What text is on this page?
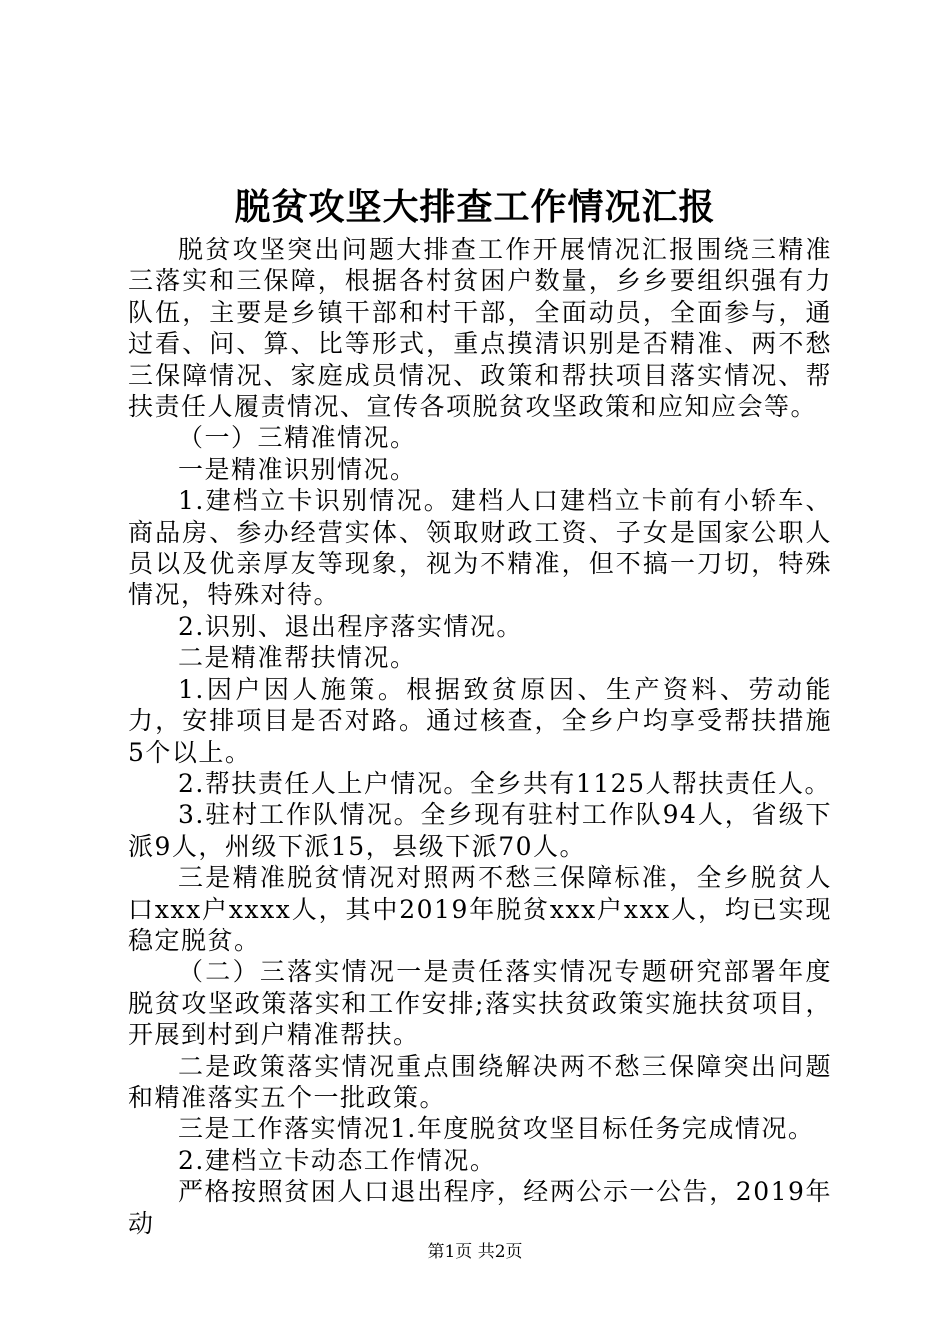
脱贫攻坚大排查工作情况汇报

脱贫攻坚突出问题大排查工作开展情况汇报围绕三精准三落实和三保障，根据各村贫困户数量，乡乡要组织强有力队伍，主要是乡镇干部和村干部，全面动员，全面参与，通过看、问、算、比等形式，重点摸清识别是否精准、两不愁三保障情况、家庭成员情况、政策和帮扶项目落实情况、帮扶责任人履责情况、宣传各项脱贫攻坚政策和应知应会等。

（一）三精准情况。

一是精准识别情况。

1.建档立卡识别情况。建档人口建档立卡前有小轿车、商品房、参办经营实体、领取财政工资、子女是国家公职人员以及优亲厚友等现象，视为不精准，但不搞一刀切，特殊情况，特殊对待。

2.识别、退出程序落实情况。

二是精准帮扶情况。

1.因户因人施策。根据致贫原因、生产资料、劳动能力，安排项目是否对路。通过核查，全乡户均享受帮扶措施5个以上。

2.帮扶责任人上户情况。全乡共有1125人帮扶责任人。

3.驻村工作队情况。全乡现有驻村工作队94人，省级下派9人，州级下派15，县级下派70人。

三是精准脱贫情况对照两不愁三保障标准，全乡脱贫人口xxx户xxxx人，其中2019年脱贫xxx户xxx人，均已实现稳定脱贫。

（二）三落实情况一是责任落实情况专题研究部署年度脱贫攻坚政策落实和工作安排;落实扶贫政策实施扶贫项目，开展到村到户精准帮扶。

二是政策落实情况重点围绕解决两不愁三保障突出问题和精准落实五个一批政策。

三是工作落实情况1.年度脱贫攻坚目标任务完成情况。

2.建档立卡动态工作情况。

严格按照贫困人口退出程序，经两公示一公告，2019年动

第1页 共2页
